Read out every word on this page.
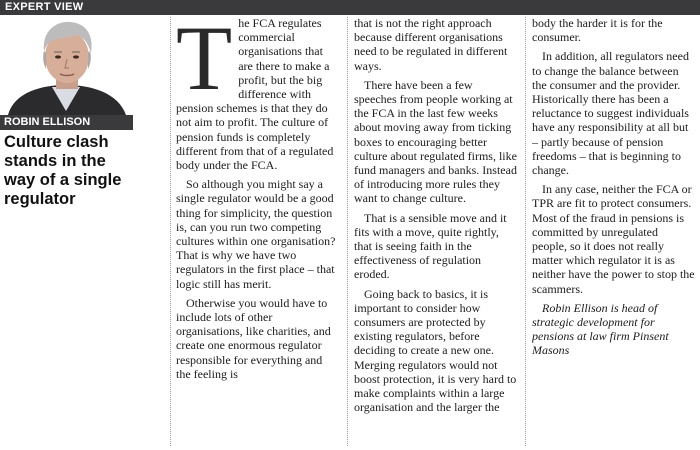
EXPERT VIEW
ROBIN ELLISON
Culture clash stands in the way of a single regulator

The FCA regulates commercial organisations that are there to make a profit, but the big difference with pension schemes is that they do not aim to profit. The culture of pension funds is completely different from that of a regulated body under the FCA.

So although you might say a single regulator would be a good thing for simplicity, the question is, can you run two competing cultures within one organisation? That is why we have two regulators in the first place – that logic still has merit.

Otherwise you would have to include lots of other organisations, like charities, and create one enormous regulator responsible for everything and the feeling is

that is not the right approach because different organisations need to be regulated in different ways.

There have been a few speeches from people working at the FCA in the last few weeks about moving away from ticking boxes to encouraging better culture about regulated firms, like fund managers and banks. Instead of introducing more rules they want to change culture.

That is a sensible move and it fits with a move, quite rightly, that is seeing faith in the effectiveness of regulation eroded.

Going back to basics, it is important to consider how consumers are protected by existing regulators, before deciding to create a new one. Merging regulators would not boost protection, it is very hard to make complaints within a large organisation and the larger the

body the harder it is for the consumer.

In addition, all regulators need to change the balance between the consumer and the provider. Historically there has been a reluctance to suggest individuals have any responsibility at all but – partly because of pension freedoms – that is beginning to change.

In any case, neither the FCA or TPR are fit to protect consumers. Most of the fraud in pensions is committed by unregulated people, so it does not really matter which regulator it is as neither have the power to stop the scammers.

Robin Ellison is head of strategic development for pensions at law firm Pinsent Masons
